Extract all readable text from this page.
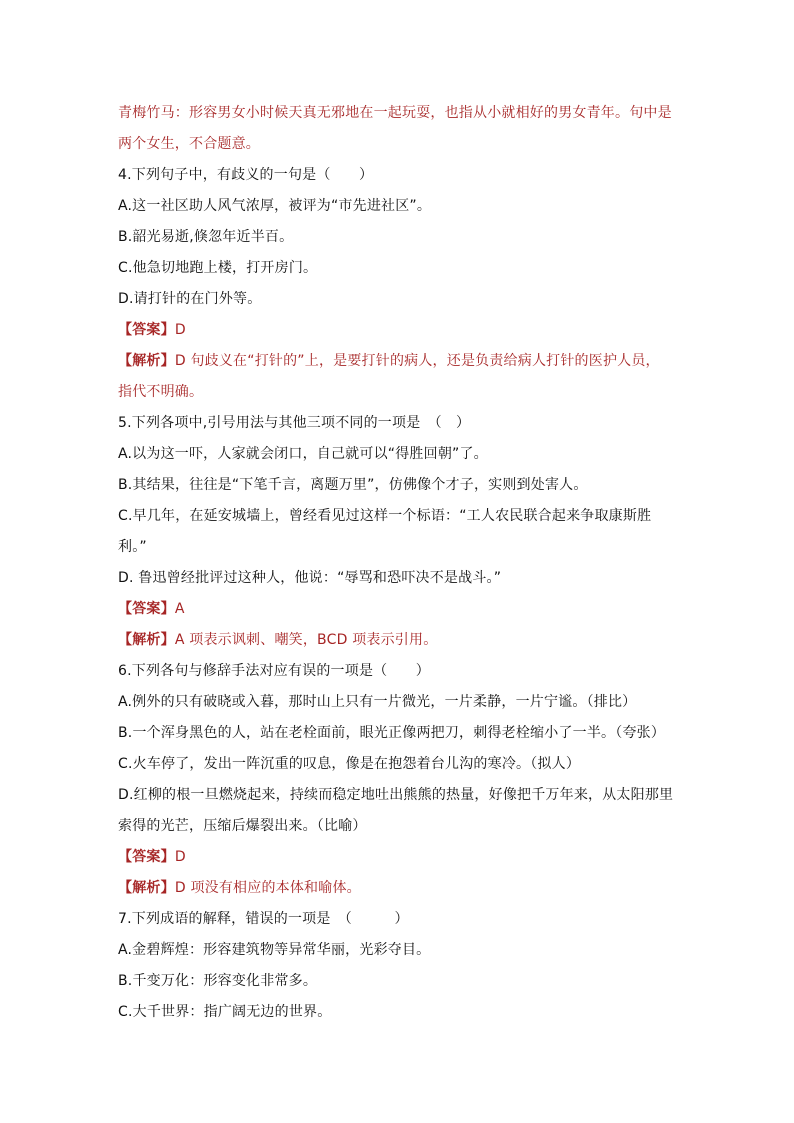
青梅竹马：形容男女小时候天真无邪地在一起玩耍，也指从小就相好的男女青年。句中是
两个女生，不合题意。
4.下列句子中，有歧义的一句是（　　）
A.这一社区助人风气浓厚，被评为“市先进社区”。
B.韶光易逝,倏忽年近半百。
C.他急切地跑上楼，打开房门。
D.请打针的在门外等。
【答案】D
【解析】D 句歧义在“打针的”上，是要打针的病人，还是负责给病人打针的医护人员，
指代不明确。
5.下列各项中,引号用法与其他三项不同的一项是　（　）
A.以为这一吓，人家就会闭口，自己就可以“得胜回朝”了。
B.其结果，往往是“下笔千言，离题万里”，仿佛像个才子，实则到处害人。
C.早几年，在延安城墙上，曾经看见过这样一个标语：“工人农民联合起来争取康斯胜
利。”
D. 鲁迅曾经批评过这种人，他说：“辱骂和恐吓决不是战斗。”
【答案】A
【解析】A 项表示讽刺、嘲笑，BCD 项表示引用。
6.下列各句与修辞手法对应有误的一项是（　　）
A.例外的只有破晓或入暮，那时山上只有一片微光，一片柔静，一片宁谧。（排比）
B.一个浑身黑色的人，站在老栓面前，眼光正像两把刀，刺得老栓缩小了一半。（夸张）
C.火车停了，发出一阵沉重的叹息，像是在抱怨着台儿沟的寒冷。（拟人）
D.红柳的根一旦燃烧起来，持续而稳定地吐出熊熊的热量，好像把千万年来，从太阳那里
索得的光芒，压缩后爆裂出来。（比喻）
【答案】D
【解析】D 项没有相应的本体和喻体。
7.下列成语的解释，错误的一项是　（　　　）
A.金碧辉煌：形容建筑物等异常华丽，光彩夺目。
B.千变万化：形容变化非常多。
C.大千世界：指广阔无边的世界。
